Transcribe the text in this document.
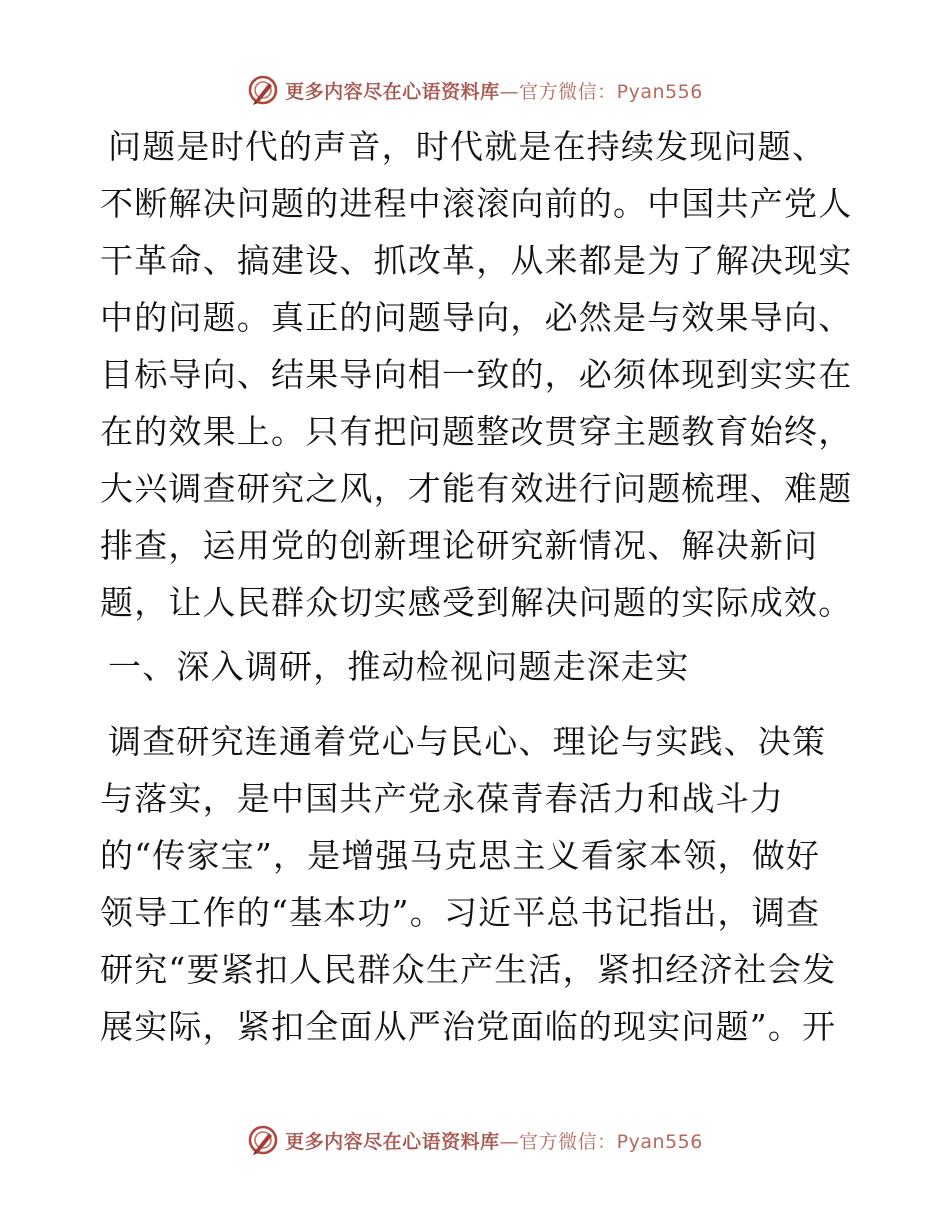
更多内容尽在心语资料库—官方微信：Pyan556
问题是时代的声音，时代就是在持续发现问题、
不断解决问题的进程中滚滚向前的。中国共产党人
干革命、搞建设、抓改革，从来都是为了解决现实
中的问题。真正的问题导向，必然是与效果导向、
目标导向、结果导向相一致的，必须体现到实实在
在的效果上。只有把问题整改贯穿主题教育始终，
大兴调查研究之风，才能有效进行问题梳理、难题
排查，运用党的创新理论研究新情况、解决新问
题，让人民群众切实感受到解决问题的实际成效。
一、深入调研，推动检视问题走深走实
调查研究连通着党心与民心、理论与实践、决策
与落实，是中国共产党永葆青春活力和战斗力
的“传家宝”，是增强马克思主义看家本领，做好
领导工作的“基本功”。习近平总书记指出，调查
研究“要紧扣人民群众生产生活，紧扣经济社会发
展实际，紧扣全面从严治党面临的现实问题”。开
更多内容尽在心语资料库—官方微信：Pyan556
